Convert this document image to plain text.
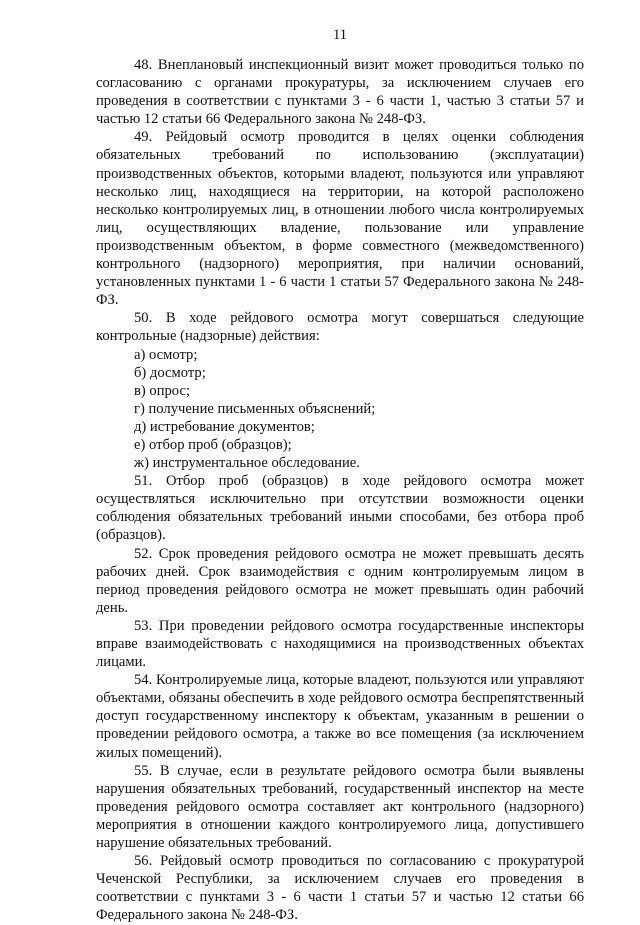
11

48. Внеплановый инспекционный визит может проводиться только по согласованию с органами прокуратуры, за исключением случаев его проведения в соответствии с пунктами 3 - 6 части 1, частью 3 статьи 57 и частью 12 статьи 66 Федерального закона № 248-ФЗ.

49. Рейдовый осмотр проводится в целях оценки соблюдения обязательных требований по использованию (эксплуатации) производственных объектов, которыми владеют, пользуются или управляют несколько лиц, находящиеся на территории, на которой расположено несколько контролируемых лиц, в отношении любого числа контролируемых лиц, осуществляющих владение, пользование или управление производственным объектом, в форме совместного (межведомственного) контрольного (надзорного) мероприятия, при наличии оснований, установленных пунктами 1 - 6 части 1 статьи 57 Федерального закона № 248-ФЗ.

50. В ходе рейдового осмотра могут совершаться следующие контрольные (надзорные) действия:

а) осмотр;
б) досмотр;
в) опрос;
г) получение письменных объяснений;
д) истребование документов;
е) отбор проб (образцов);
ж) инструментальное обследование.

51. Отбор проб (образцов) в ходе рейдового осмотра может осуществляться исключительно при отсутствии возможности оценки соблюдения обязательных требований иными способами, без отбора проб (образцов).

52. Срок проведения рейдового осмотра не может превышать десять рабочих дней. Срок взаимодействия с одним контролируемым лицом в период проведения рейдового осмотра не может превышать один рабочий день.

53. При проведении рейдового осмотра государственные инспекторы вправе взаимодействовать с находящимися на производственных объектах лицами.

54. Контролируемые лица, которые владеют, пользуются или управляют объектами, обязаны обеспечить в ходе рейдового осмотра беспрепятственный доступ государственному инспектору к объектам, указанным в решении о проведении рейдового осмотра, а также во все помещения (за исключением жилых помещений).

55. В случае, если в результате рейдового осмотра были выявлены нарушения обязательных требований, государственный инспектор на месте проведения рейдового осмотра составляет акт контрольного (надзорного) мероприятия в отношении каждого контролируемого лица, допустившего нарушение обязательных требований.

56. Рейдовый осмотр проводиться по согласованию с прокуратурой Чеченской Республики, за исключением случаев его проведения в соответствии с пунктами 3 - 6 части 1 статьи 57 и частью 12 статьи 66 Федерального закона № 248-ФЗ.
